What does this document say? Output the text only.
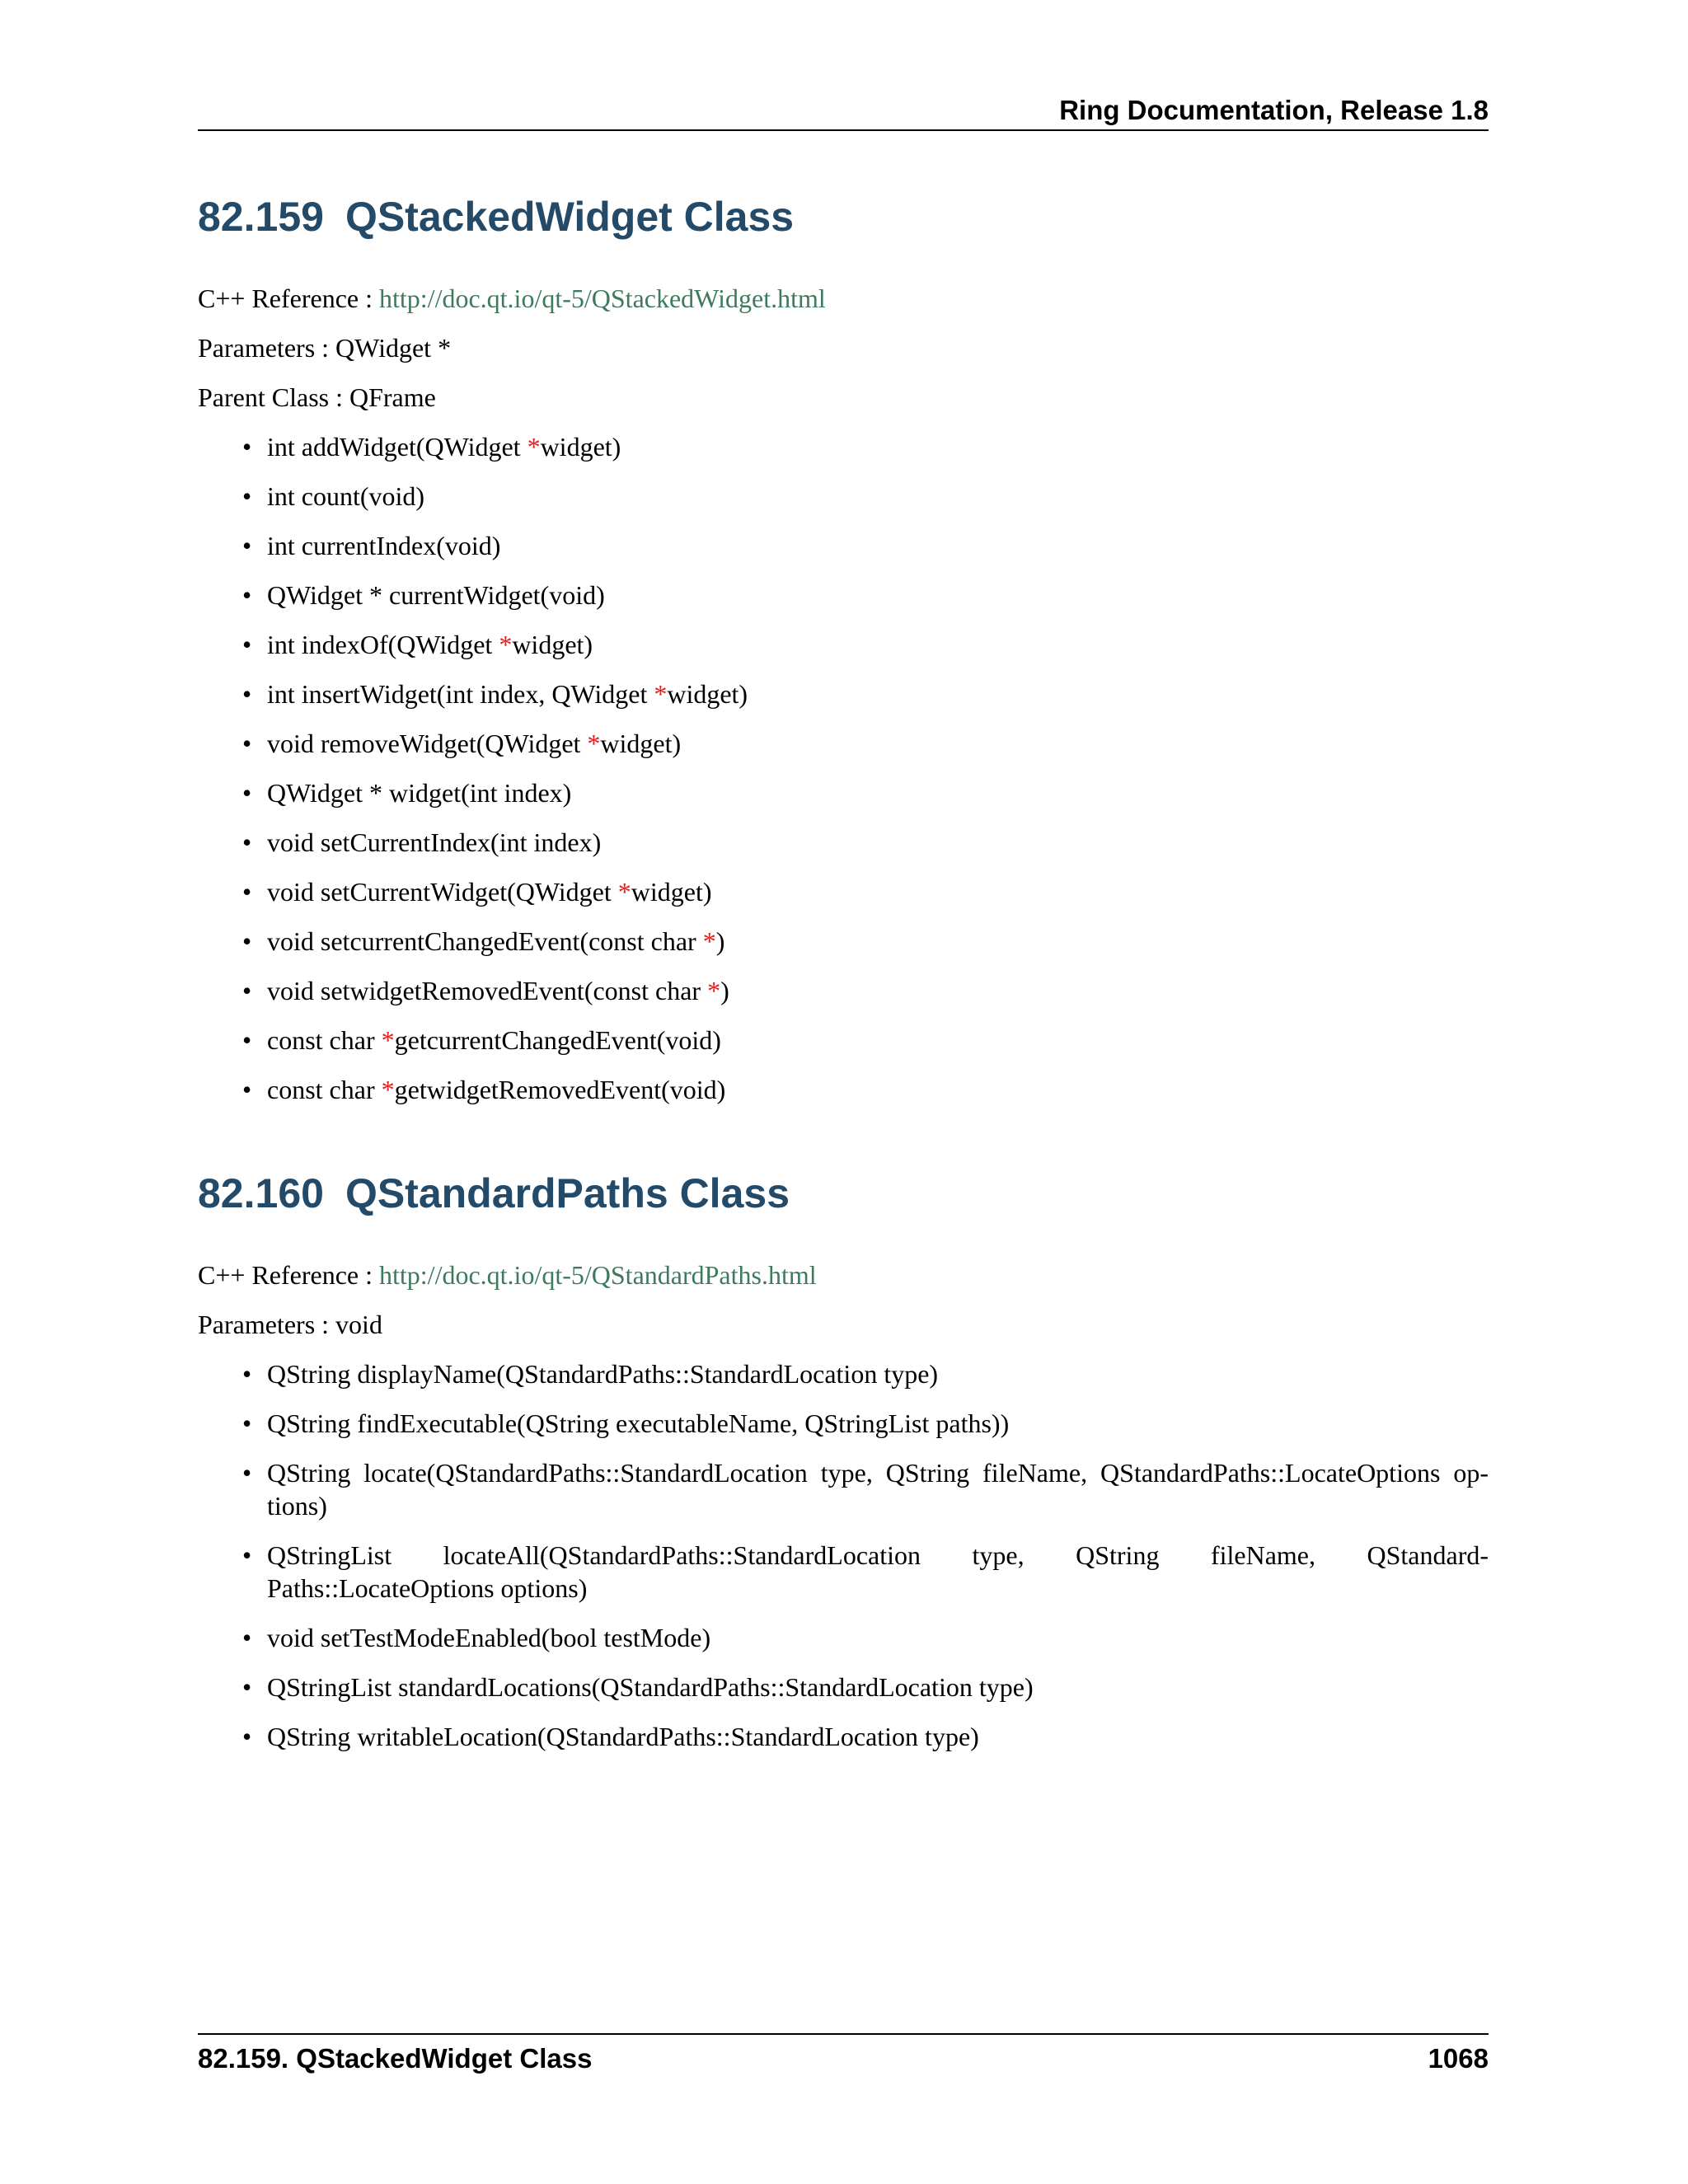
Ring Documentation, Release 1.8
82.159 QStackedWidget Class

C++ Reference : http://doc.qt.io/qt-5/QStackedWidget.html

Parameters : QWidget *

Parent Class : QFrame

• int addWidget(QWidget *widget)
• int count(void)
• int currentIndex(void)
• QWidget * currentWidget(void)
• int indexOf(QWidget *widget)
• int insertWidget(int index, QWidget *widget)
• void removeWidget(QWidget *widget)
• QWidget * widget(int index)
• void setCurrentIndex(int index)
• void setCurrentWidget(QWidget *widget)
• void setcurrentChangedEvent(const char *)
• void setwidgetRemovedEvent(const char *)
• const char *getcurrentChangedEvent(void)
• const char *getwidgetRemovedEvent(void)
82.160 QStandardPaths Class

C++ Reference : http://doc.qt.io/qt-5/QStandardPaths.html

Parameters : void

• QString displayName(QStandardPaths::StandardLocation type)
• QString findExecutable(QString executableName, QStringList paths))
• QString locate(QStandardPaths::StandardLocation type, QString fileName, QStandardPaths::LocateOptions op- tions)
• QStringList locateAll(QStandardPaths::StandardLocation type, QString fileName, QStandard- Paths::LocateOptions options)
• void setTestModeEnabled(bool testMode)
• QStringList standardLocations(QStandardPaths::StandardLocation type)
• QString writableLocation(QStandardPaths::StandardLocation type)
82.159. QStackedWidget Class	1068
